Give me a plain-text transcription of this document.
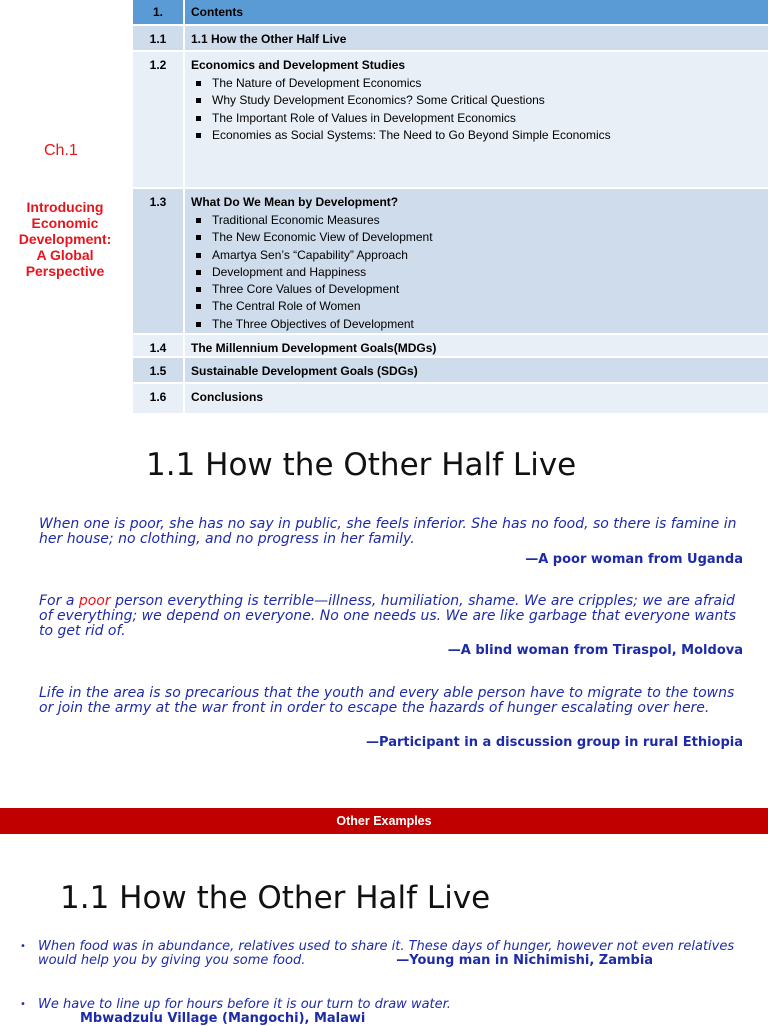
Ch.1
Introducing
Economic
Development:
A Global
Perspective
1.	Contents
1.1	1.1 How the Other Half Live
1.2	Economics and Development Studies
The Nature of Development Economics
Why Study Development Economics? Some Critical Questions
The Important Role of Values in Development Economics
Economies as Social Systems: The Need to Go Beyond Simple Economics
1.3	What Do We Mean by Development?
Traditional Economic Measures
The New Economic View of Development
Amartya Sen’s “Capability” Approach
Development and Happiness
Three Core Values of Development
The Central Role of Women
The Three Objectives of Development
1.4	The Millennium Development Goals(MDGs)
1.5	Sustainable Development Goals (SDGs)
1.6	Conclusions
1.1 How the Other Half Live

When one is poor, she has no say in public, she feels inferior. She has no food, so there is famine in her house; no clothing, and no progress in her family.

—A poor woman from Uganda

For a poor person everything is terrible—illness, humiliation, shame. We are cripples; we are afraid of everything; we depend on everyone. No one needs us. We are like garbage that everyone wants to get rid of.

—A blind woman from Tiraspol, Moldova

Life in the area is so precarious that the youth and every able person have to migrate to the towns or join the army at the war front in order to escape the hazards of hunger escalating over here.

—Participant in a discussion group in rural Ethiopia
Other Examples
1.1 How the Other Half Live
• When food was in abundance, relatives used to share it. These days of hunger, however not even relatives would help you by giving you some food.	—Young man in Nichimishi, Zambia
• We have to line up for hours before it is our turn to draw water.
Mbwadzulu Village (Mangochi), Malawi
